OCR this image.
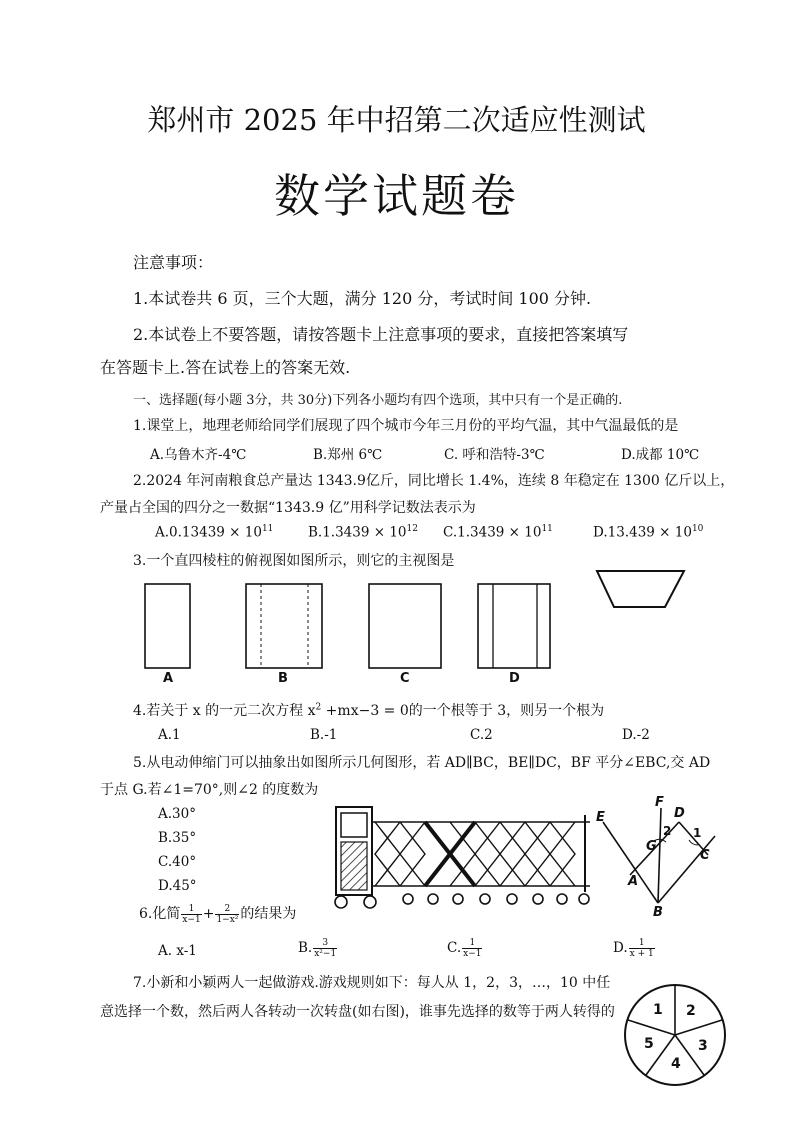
郑州市 2025 年中招第二次适应性测试
数学试题卷
注意事项：
1.本试卷共 6 页，三个大题，满分 120 分，考试时间 100 分钟.
2.本试卷上不要答题，请按答题卡上注意事项的要求，直接把答案填写
在答题卡上.答在试卷上的答案无效.
一、选择题(每小题 3分，共 30分)下列各小题均有四个选项，其中只有一个是正确的.
1.课堂上，地理老师给同学们展现了四个城市今年三月份的平均气温，其中气温最低的是
A.乌鲁木齐-4℃	B.郑州 6℃	C. 呼和浩特-3℃	D.成都 10℃
2.2024 年河南粮食总产量达 1343.9亿斤，同比增长 1.4%，连续 8 年稳定在 1300 亿斤以上，
产量占全国的四分之一数据“1343.9 亿”用科学记数法表示为
$A.0.13439 \times 10^{11}$	$B.1.3439 \times 10^{12}$ $C.1.3439 \times 10^{11}$	$D.13.439 \times 10^{10}$
3.一个直四棱柱的俯视图如图所示，则它的主视图是
A	B	C	D
4.若关于 x 的一元二次方程 $x^2 +mx-3 = 0$的一个根等于 3，则另一个根为
A.1	B.-1	C.2	D.-2
5.从电动伸缩门可以抽象出如图所示几何图形，若 AD∥BC，BE∥DC，BF 平分∠EBC,交 AD
于点 G.若∠1=70°,则∠2 的度数为
A.30°
B.35°
C.40°
D.45°
F
D
E
2 1
G
C
A
B
6.化简 $\frac{1}{x-1} + \frac{2}{\text{1−x²}}$ 的结果为
A. x-1	B. $\frac{3}{\text{x²−1}}$	C. $\frac{1}{x-1}$	D. $\frac{1}{x + 1}$
7.小新和小颖两人一起做游戏.游戏规则如下：每人从 1，2，3，…，10 中任
意选择一个数，然后两人各转动一次转盘(如右图)，谁事先选择的数等于两人转得的	1 2
3
4
5
